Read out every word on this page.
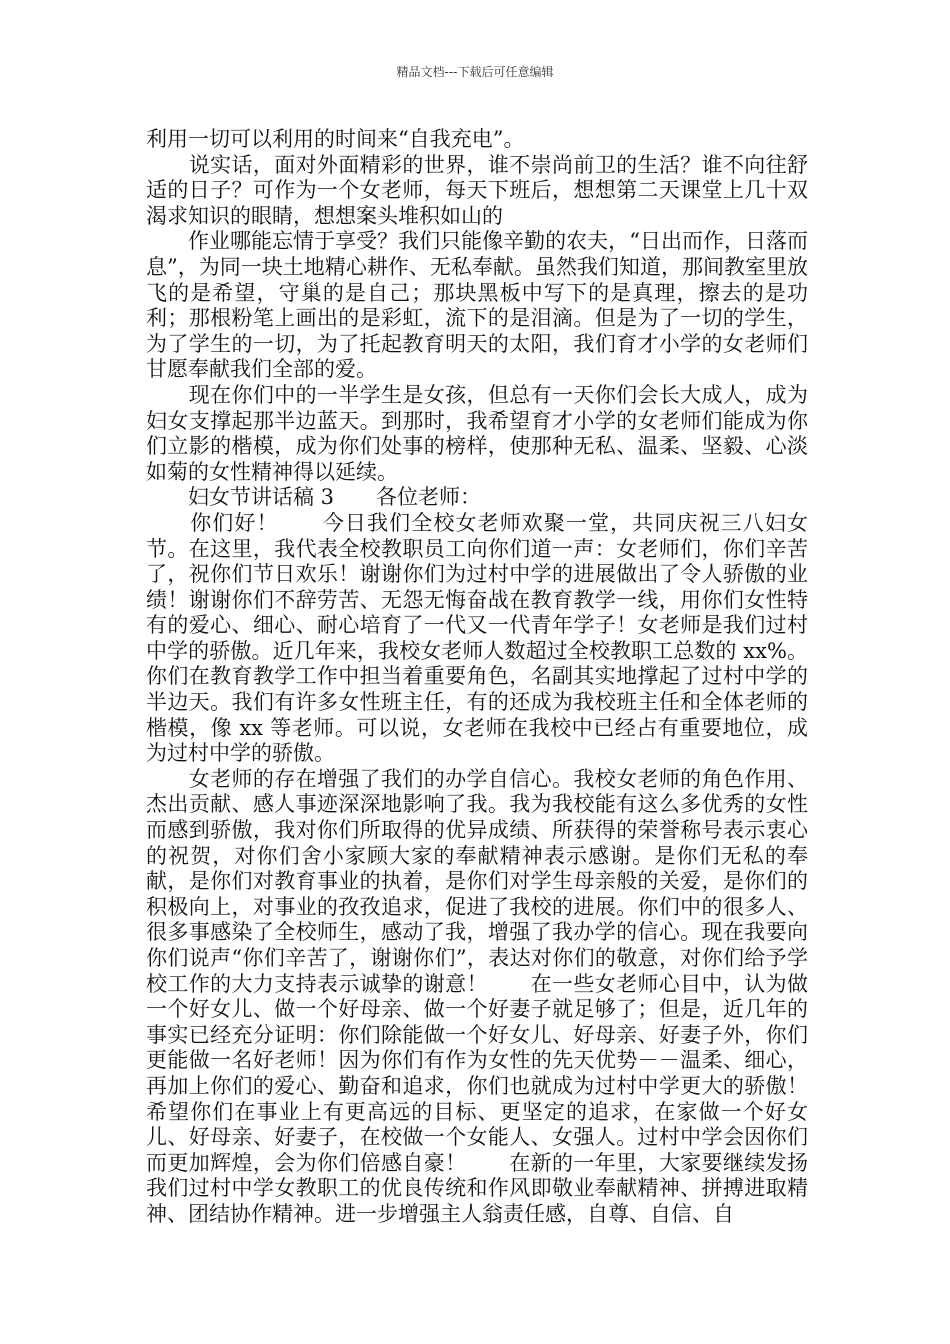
精品文档---下载后可任意编辑

利用一切可以利用的时间来“自我充电”。

　　说实话，面对外面精彩的世界，谁不崇尚前卫的生活？谁不向往舒适的日子？可作为一个女老师，每天下班后，想想第二天课堂上几十双渴求知识的眼睛，想想案头堆积如山的

　　作业哪能忘情于享受？我们只能像辛勤的农夫，“日出而作，日落而息”，为同一块土地精心耕作、无私奉献。虽然我们知道，那间教室里放飞的是希望，守巢的是自己；那块黑板中写下的是真理，擦去的是功利；那根粉笔上画出的是彩虹，流下的是泪滴。但是为了一切的学生，为了学生的一切，为了托起教育明天的太阳，我们育才小学的女老师们甘愿奉献我们全部的爱。

　　现在你们中的一半学生是女孩，但总有一天你们会长大成人，成为妇女支撑起那半边蓝天。到那时，我希望育才小学的女老师们能成为你们立影的楷模，成为你们处事的榜样，使那种无私、温柔、坚毅、心淡如菊的女性精神得以延续。

　　妇女节讲话稿 3　　各位老师：

　　你们好！　　今日我们全校女老师欢聚一堂，共同庆祝三八妇女节。在这里，我代表全校教职员工向你们道一声：女老师们，你们辛苦了，祝你们节日欢乐！谢谢你们为过村中学的进展做出了令人骄傲的业绩！谢谢你们不辞劳苦、无怨无悔奋战在教育教学一线，用你们女性特有的爱心、细心、耐心培育了一代又一代青年学子！女老师是我们过村中学的骄傲。近几年来，我校女老师人数超过全校教职工总数的 xx%。你们在教育教学工作中担当着重要角色，名副其实地撑起了过村中学的半边天。我们有许多女性班主任，有的还成为我校班主任和全体老师的楷模，像 xx 等老师。可以说，女老师在我校中已经占有重要地位，成为过村中学的骄傲。

　　女老师的存在增强了我们的办学自信心。我校女老师的角色作用、杰出贡献、感人事迹深深地影响了我。我为我校能有这么多优秀的女性而感到骄傲，我对你们所取得的优异成绩、所获得的荣誉称号表示衷心的祝贺，对你们舍小家顾大家的奉献精神表示感谢。是你们无私的奉献，是你们对教育事业的执着，是你们对学生母亲般的关爱，是你们的积极向上，对事业的孜孜追求，促进了我校的进展。你们中的很多人、很多事感染了全校师生，感动了我，增强了我办学的信心。现在我要向你们说声“你们辛苦了，谢谢你们”，表达对你们的敬意，对你们给予学校工作的大力支持表示诚挚的谢意！　　在一些女老师心目中，认为做一个好女儿、做一个好母亲、做一个好妻子就足够了；但是，近几年的事实已经充分证明：你们除能做一个好女儿、好母亲、好妻子外，你们更能做一名好老师！因为你们有作为女性的先天优势－－温柔、细心，再加上你们的爱心、勤奋和追求，你们也就成为过村中学更大的骄傲！希望你们在事业上有更高远的目标、更坚定的追求，在家做一个好女儿、好母亲、好妻子，在校做一个女能人、女强人。过村中学会因你们而更加辉煌，会为你们倍感自豪！　　在新的一年里，大家要继续发扬我们过村中学女教职工的优良传统和作风即敬业奉献精神、拼搏进取精神、团结协作精神。进一步增强主人翁责任感，自尊、自信、自
